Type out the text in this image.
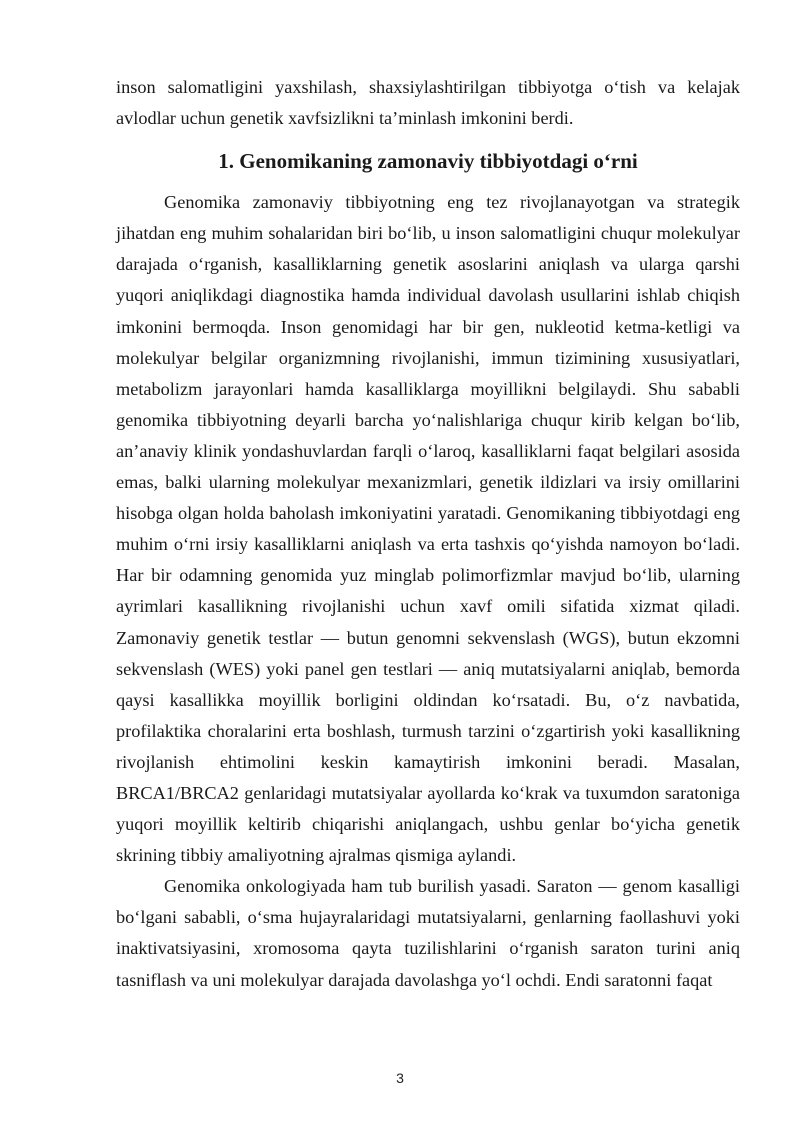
inson salomatligini yaxshilash, shaxsiylashtirilgan tibbiyotga o‘tish va kelajak avlodlar uchun genetik xavfsizlikni ta’minlash imkonini berdi.

1. Genomikaning zamonaviy tibbiyotdagi o‘rni

Genomika zamonaviy tibbiyotning eng tez rivojlanayotgan va strategik jihatdan eng muhim sohalaridan biri bo‘lib, u inson salomatligini chuqur molekulyar darajada o‘rganish, kasalliklarning genetik asoslarini aniqlash va ularga qarshi yuqori aniqlikdagi diagnostika hamda individual davolash usullarini ishlab chiqish imkonini bermoqda. Inson genomidagi har bir gen, nukleotid ketma-ketligi va molekulyar belgilar organizmning rivojlanishi, immun tizimining xususiyatlari, metabolizm jarayonlari hamda kasalliklarga moyillikni belgilaydi. Shu sababli genomika tibbiyotning deyarli barcha yo‘nalishlariga chuqur kirib kelgan bo‘lib, an’anaviy klinik yondashuvlardan farqli o‘laroq, kasalliklarni faqat belgilari asosida emas, balki ularning molekulyar mexanizmlari, genetik ildizlari va irsiy omillarini hisobga olgan holda baholash imkoniyatini yaratadi. Genomikaning tibbiyotdagi eng muhim o‘rni irsiy kasalliklarni aniqlash va erta tashxis qo‘yishda namoyon bo‘ladi. Har bir odamning genomida yuz minglab polimorfizmlar mavjud bo‘lib, ularning ayrimlari kasallikning rivojlanishi uchun xavf omili sifatida xizmat qiladi. Zamonaviy genetik testlar — butun genomni sekvenslash (WGS), butun ekzomni sekvenslash (WES) yoki panel gen testlari — aniq mutatsiyalarni aniqlab, bemorda qaysi kasallikka moyillik borligini oldindan ko‘rsatadi. Bu, o‘z navbatida, profilaktika choralarini erta boshlash, turmush tarzini o‘zgartirish yoki kasallikning rivojlanish ehtimolini keskin kamaytirish imkonini beradi. Masalan, BRCA1/BRCA2 genlaridagi mutatsiyalar ayollarda ko‘krak va tuxumdon saratoniga yuqori moyillik keltirib chiqarishi aniqlangach, ushbu genlar bo‘yicha genetik skrining tibbiy amaliyotning ajralmas qismiga aylandi.

Genomika onkologiyada ham tub burilish yasadi. Saraton — genom kasalligi bo‘lgani sababli, o‘sma hujayralaridagi mutatsiyalarni, genlarning faollashuvi yoki inaktivatsiyasini, xromosoma qayta tuzilishlarini o‘rganish saraton turini aniq tasniflash va uni molekulyar darajada davolashga yo‘l ochdi. Endi saratonni faqat

3
